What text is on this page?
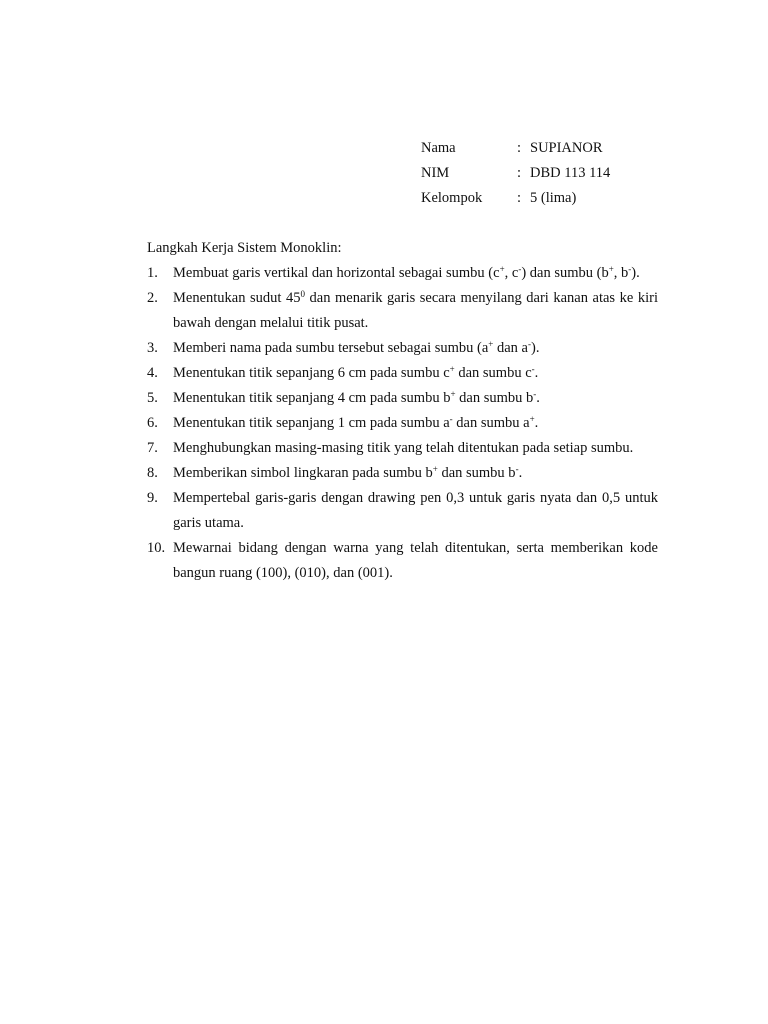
Nama	: SUPIANOR
NIM	: DBD 113 114
Kelompok	: 5 (lima)
Langkah Kerja Sistem Monoklin:
1.	Membuat garis vertikal dan horizontal sebagai sumbu (c+, c-) dan sumbu (b+, b-).
2.	Menentukan sudut $45^0$ dan menarik garis secara menyilang dari kanan atas ke kiri bawah dengan melalui titik pusat.
3.	Memberi nama pada sumbu tersebut sebagai sumbu (a+ dan a-).
4.	Menentukan titik sepanjang 6 cm pada sumbu c+ dan sumbu c-.
5.	Menentukan titik sepanjang 4 cm pada sumbu b+ dan sumbu b-.
6.	Menentukan titik sepanjang 1 cm pada sumbu a- dan sumbu a+.
7.	Menghubungkan masing-masing titik yang telah ditentukan pada setiap sumbu.
8.	Memberikan simbol lingkaran pada sumbu b+ dan sumbu b-.
9.	Mempertebal garis-garis dengan drawing pen 0,3 untuk garis nyata dan 0,5 untuk garis utama.
10. Mewarnai bidang dengan warna yang telah ditentukan, serta memberikan kode bangun ruang (100), (010), dan (001).
